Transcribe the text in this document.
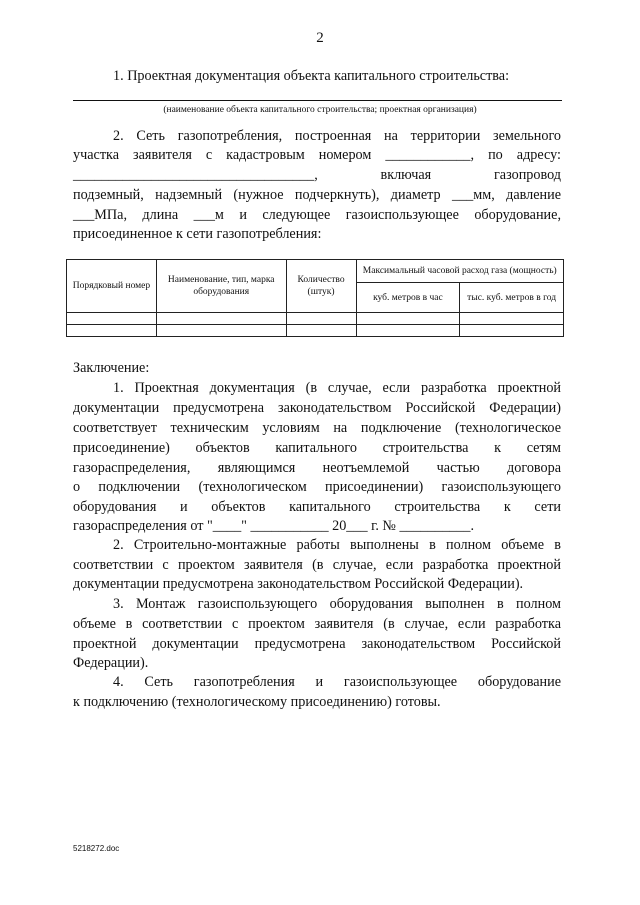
2
1. Проектная документация объекта капитального строительства:
(наименование объекта капитального строительства; проектная организация)
2. Сеть газопотребления, построенная на территории земельного
участка заявителя с кадастровым номером ____________, по адресу:
__________________________________, включая газопровод
подземный, надземный (нужное подчеркнуть), диаметр ___мм, давление
___МПа, длина ___м и следующее газоиспользующее оборудование,
присоединенное к сети газопотребления:
Порядковый номер	Наименование, тип, марка оборудования	Количество (штук)	Максимальный часовой расход газа (мощность)	
			куб. метров в час	тыс. куб. метров в год

Заключение:
1. Проектная документация (в случае, если разработка проектной
документации предусмотрена законодательством Российской Федерации)
соответствует техническим условиям на подключение (технологическое
присоединение) объектов капитального строительства к сетям
газораспределения, являющимся неотъемлемой частью договора
о подключении (технологическом присоединении) газоиспользующего
оборудования и объектов капитального строительства к сети
газораспределения от "____" ___________ 20___ г. № __________.
2. Строительно-монтажные работы выполнены в полном объеме в
соответствии с проектом заявителя (в случае, если разработка проектной
документации предусмотрена законодательством Российской Федерации).
3. Монтаж газоиспользующего оборудования выполнен в полном
объеме в соответствии с проектом заявителя (в случае, если разработка
проектной документации предусмотрена законодательством Российской
Федерации).
4. Сеть газопотребления и газоиспользующее оборудование
к подключению (технологическому присоединению) готовы.
5218272.doc
